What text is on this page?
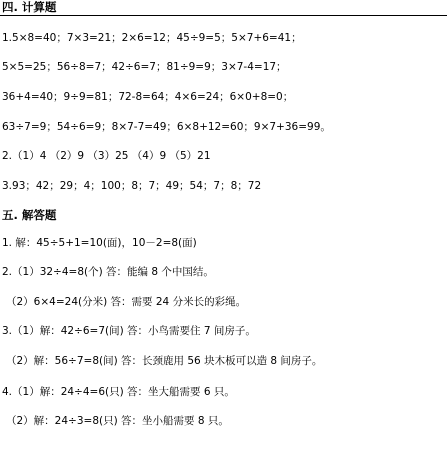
四. 计算题
1.5×8=40；7×3=21；2×6=12；45÷9=5；5×7+6=41；
5×5=25；56÷8=7；42÷6=7；81÷9=9；3×7-4=17；
36+4=40；9÷9=81；72-8=64；4×6=24；6×0+8=0；
63÷7=9；54÷6=9；8×7-7=49；6×8+12=60；9×7+36=99。
2.（1）4 （2）9 （3）25 （4）9 （5）21
3.93；42；29；4；100；8；7；49；54；7；8；72
五. 解答题
1. 解：45÷5+1=10(面)，10－2=8(面)
2.（1）32÷4=8(个) 答：能编 8 个中国结。
（2）6×4=24(分米) 答：需要 24 分米长的彩绳。
3.（1）解：42÷6=7(间) 答：小鸟需要住 7 间房子。
（2）解：56÷7=8(间) 答：长颈鹿用 56 块木板可以造 8 间房子。
4.（1）解：24÷4=6(只) 答：坐大船需要 6 只。
（2）解：24÷3=8(只) 答：坐小船需要 8 只。
